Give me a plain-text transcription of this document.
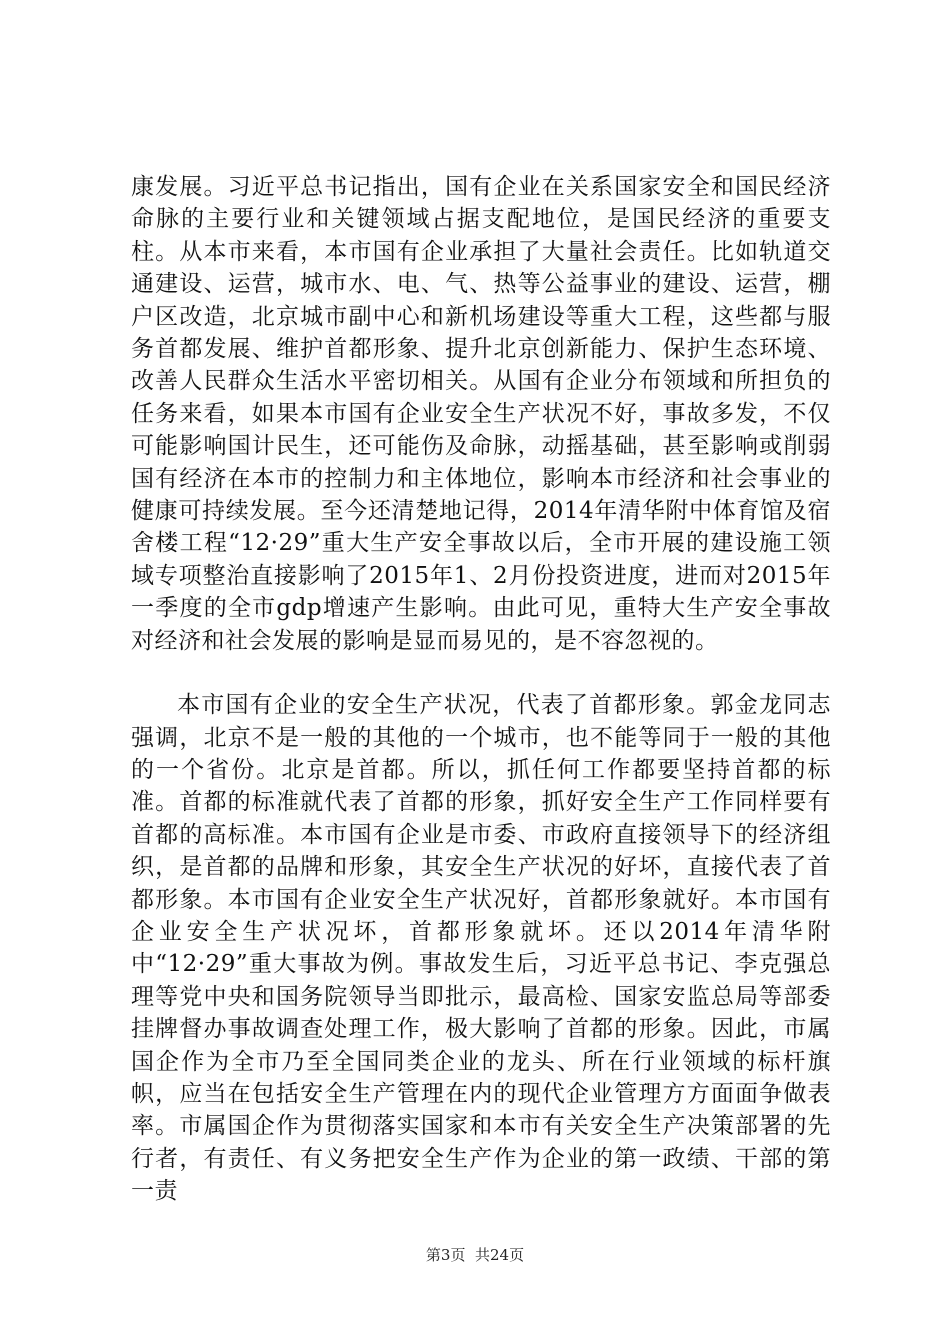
康发展。习近平总书记指出，国有企业在关系国家安全和国民经济命脉的主要行业和关键领域占据支配地位，是国民经济的重要支柱。从本市来看，本市国有企业承担了大量社会责任。比如轨道交通建设、运营，城市水、电、气、热等公益事业的建设、运营，棚户区改造，北京城市副中心和新机场建设等重大工程，这些都与服务首都发展、维护首都形象、提升北京创新能力、保护生态环境、改善人民群众生活水平密切相关。从国有企业分布领域和所担负的任务来看，如果本市国有企业安全生产状况不好，事故多发，不仅可能影响国计民生，还可能伤及命脉，动摇基础，甚至影响或削弱国有经济在本市的控制力和主体地位，影响本市经济和社会事业的健康可持续发展。至今还清楚地记得，2014年清华附中体育馆及宿舍楼工程“12·29”重大生产安全事故以后，全市开展的建设施工领域专项整治直接影响了2015年1、2月份投资进度，进而对2015年一季度的全市gdp增速产生影响。由此可见，重特大生产安全事故对经济和社会发展的影响是显而易见的，是不容忽视的。

本市国有企业的安全生产状况，代表了首都形象。郭金龙同志强调，北京不是一般的其他的一个城市，也不能等同于一般的其他的一个省份。北京是首都。所以，抓任何工作都要坚持首都的标准。首都的标准就代表了首都的形象，抓好安全生产工作同样要有首都的高标准。本市国有企业是市委、市政府直接领导下的经济组织，是首都的品牌和形象，其安全生产状况的好坏，直接代表了首都形象。本市国有企业安全生产状况好，首都形象就好。本市国有企业安全生产状况坏，首都形象就坏。还以2014年清华附中“12·29”重大事故为例。事故发生后，习近平总书记、李克强总理等党中央和国务院领导当即批示，最高检、国家安监总局等部委挂牌督办事故调查处理工作，极大影响了首都的形象。因此，市属国企作为全市乃至全国同类企业的龙头、所在行业领域的标杆旗帜，应当在包括安全生产管理在内的现代企业管理方方面面争做表率。市属国企作为贯彻落实国家和本市有关安全生产决策部署的先行者，有责任、有义务把安全生产作为企业的第一政绩、干部的第一责

第3页  共24页
